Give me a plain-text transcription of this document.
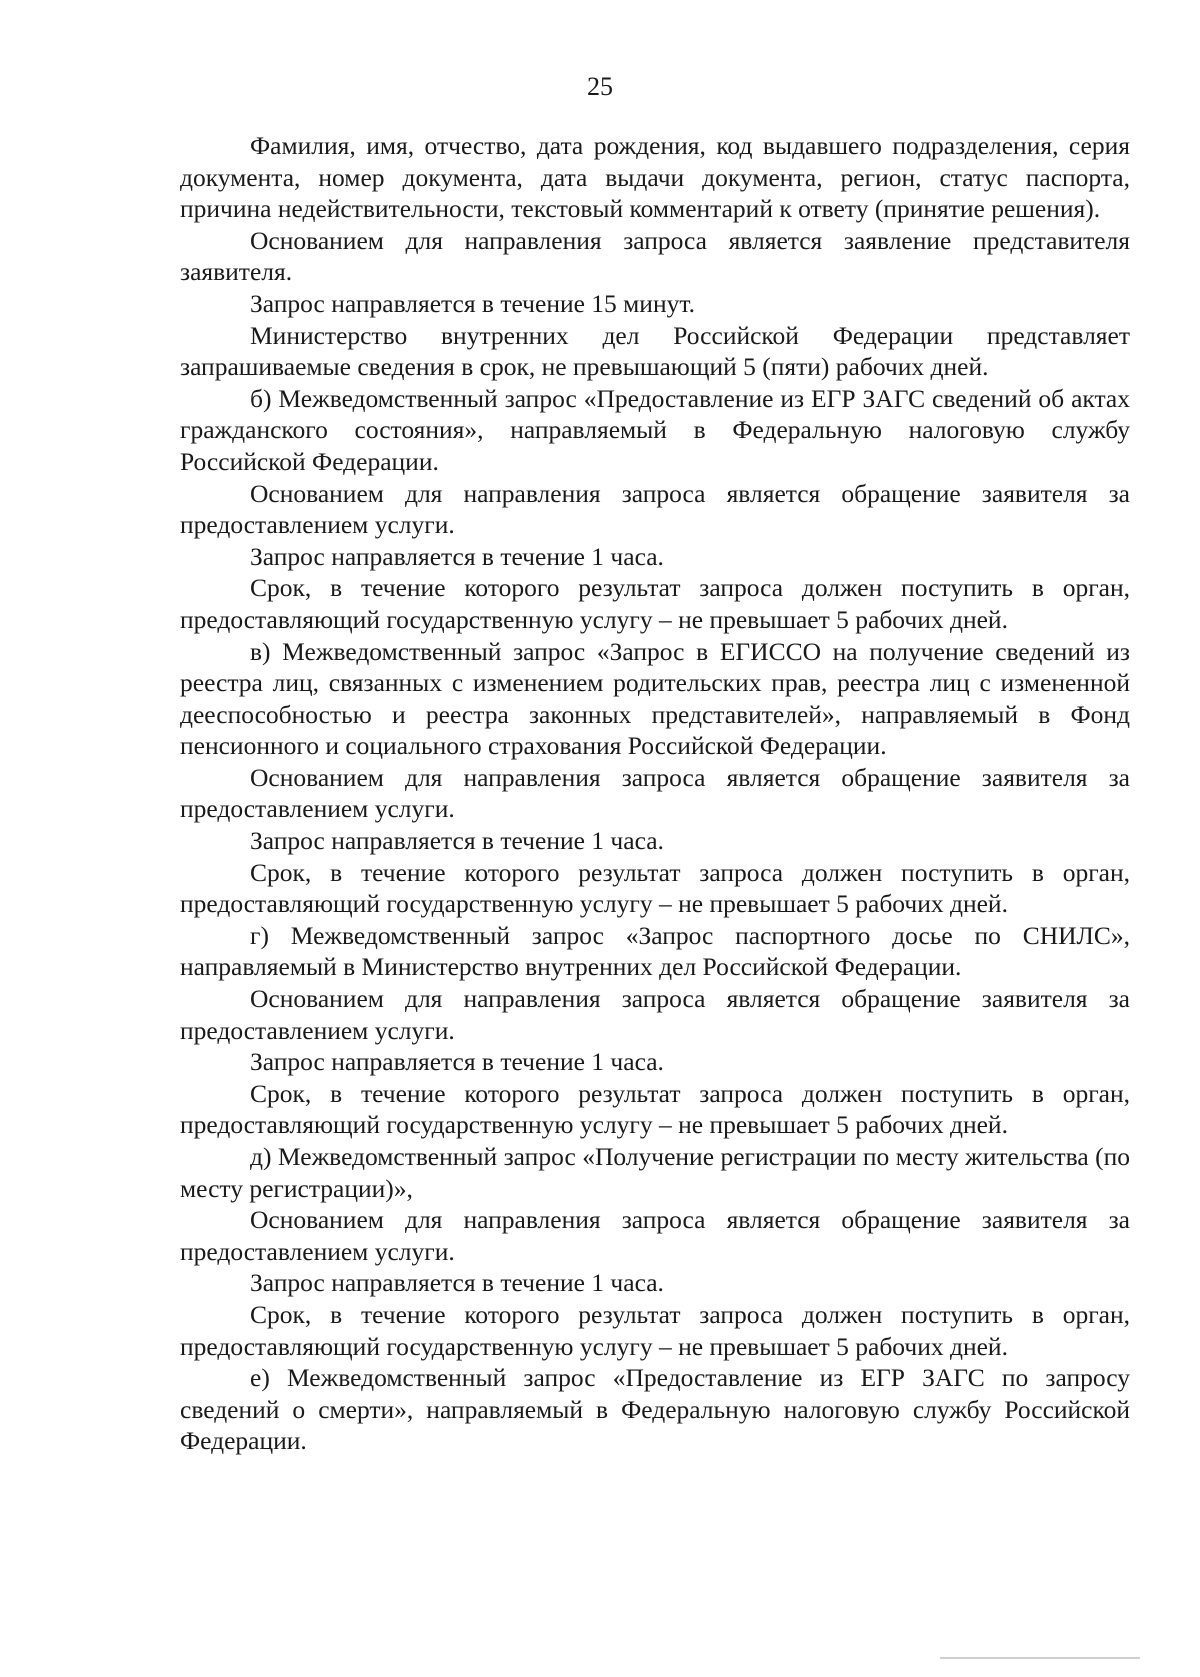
25

Фамилия, имя, отчество, дата рождения, код выдавшего подразделения, серия документа, номер документа, дата выдачи документа, регион, статус паспорта, причина недействительности, текстовый комментарий к ответу (принятие решения).

Основанием для направления запроса является заявление представителя заявителя.

Запрос направляется в течение 15 минут.

Министерство внутренних дел Российской Федерации представляет запрашиваемые сведения в срок, не превышающий 5 (пяти) рабочих дней.

б) Межведомственный запрос «Предоставление из ЕГР ЗАГС сведений об актах гражданского состояния», направляемый в Федеральную налоговую службу Российской Федерации.

Основанием для направления запроса является обращение заявителя за предоставлением услуги.

Запрос направляется в течение 1 часа.

Срок, в течение которого результат запроса должен поступить в орган, предоставляющий государственную услугу – не превышает 5 рабочих дней.

в) Межведомственный запрос «Запрос в ЕГИССО на получение сведений из реестра лиц, связанных с изменением родительских прав, реестра лиц с измененной дееспособностью и реестра законных представителей», направляемый в Фонд пенсионного и социального страхования Российской Федерации.

Основанием для направления запроса является обращение заявителя за предоставлением услуги.

Запрос направляется в течение 1 часа.

Срок, в течение которого результат запроса должен поступить в орган, предоставляющий государственную услугу – не превышает 5 рабочих дней.

г) Межведомственный запрос «Запрос паспортного досье по СНИЛС», направляемый в Министерство внутренних дел Российской Федерации.

Основанием для направления запроса является обращение заявителя за предоставлением услуги.

Запрос направляется в течение 1 часа.

Срок, в течение которого результат запроса должен поступить в орган, предоставляющий государственную услугу – не превышает 5 рабочих дней.

д) Межведомственный запрос «Получение регистрации по месту жительства (по месту регистрации)»,

Основанием для направления запроса является обращение заявителя за предоставлением услуги.

Запрос направляется в течение 1 часа.

Срок, в течение которого результат запроса должен поступить в орган, предоставляющий государственную услугу – не превышает 5 рабочих дней.

е) Межведомственный запрос «Предоставление из ЕГР ЗАГС по запросу сведений о смерти», направляемый в Федеральную налоговую службу Российской Федерации.
